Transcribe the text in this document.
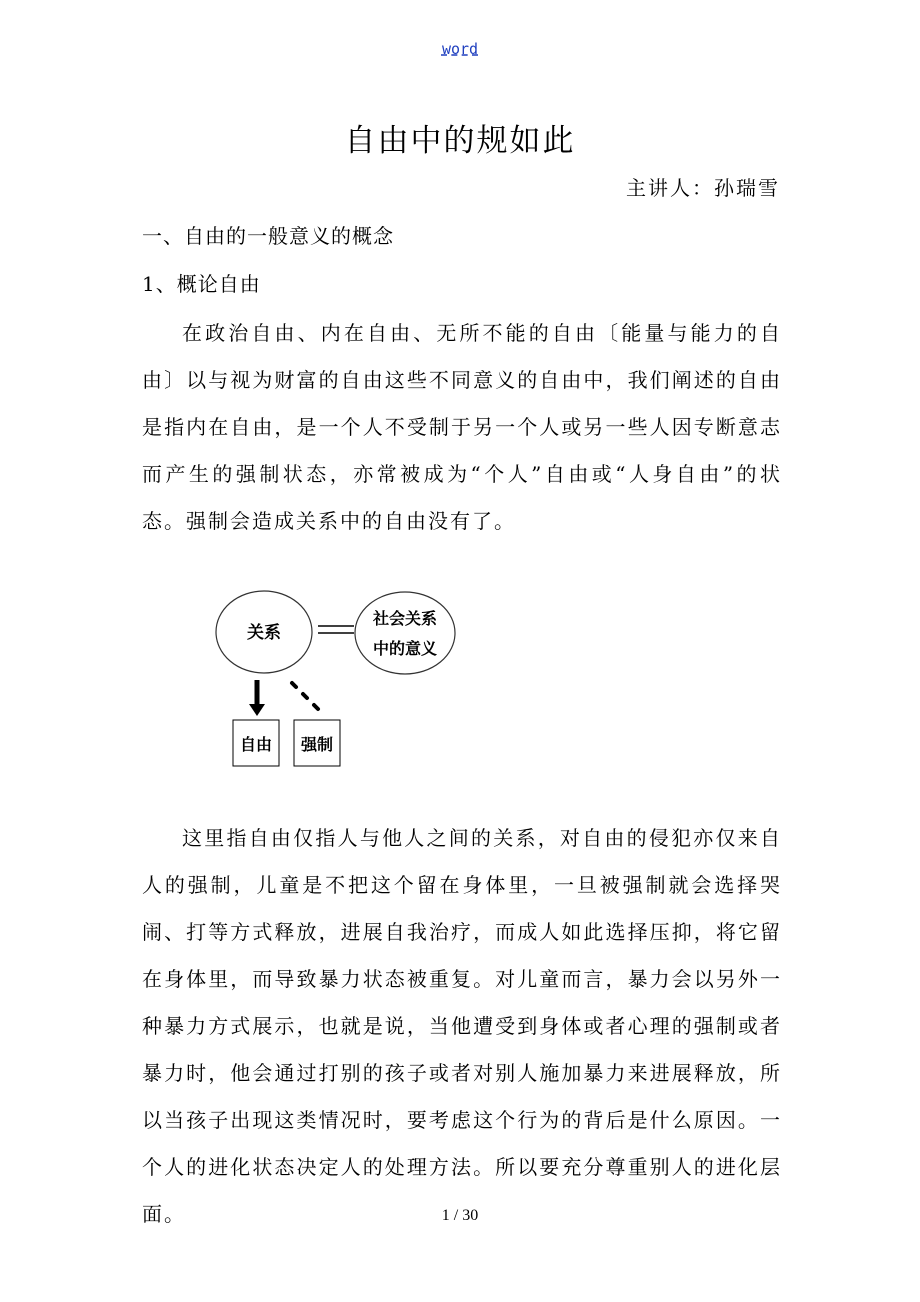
word
自由中的规如此
主讲人：孙瑞雪
一、自由的一般意义的概念
1、概论自由

在政治自由、内在自由、无所不能的自由〔能量与能力的自由〕以与视为财富的自由这些不同意义的自由中，我们阐述的自由是指内在自由，是一个人不受制于另一个人或另一些人因专断意志而产生的强制状态，亦常被成为“个人”自由或“人身自由”的状态。强制会造成关系中的自由没有了。

关系
社会关系
中的意义
自由 强制

这里指自由仅指人与他人之间的关系，对自由的侵犯亦仅来自人的强制，儿童是不把这个留在身体里，一旦被强制就会选择哭闹、打等方式释放，进展自我治疗，而成人如此选择压抑，将它留在身体里，而导致暴力状态被重复。对儿童而言，暴力会以另外一种暴力方式展示，也就是说，当他遭受到身体或者心理的强制或者暴力时，他会通过打别的孩子或者对别人施加暴力来进展释放，所以当孩子出现这类情况时，要考虑这个行为的背后是什么原因。一个人的进化状态决定人的处理方法。所以要充分尊重别人的进化层面。	1 / 30
